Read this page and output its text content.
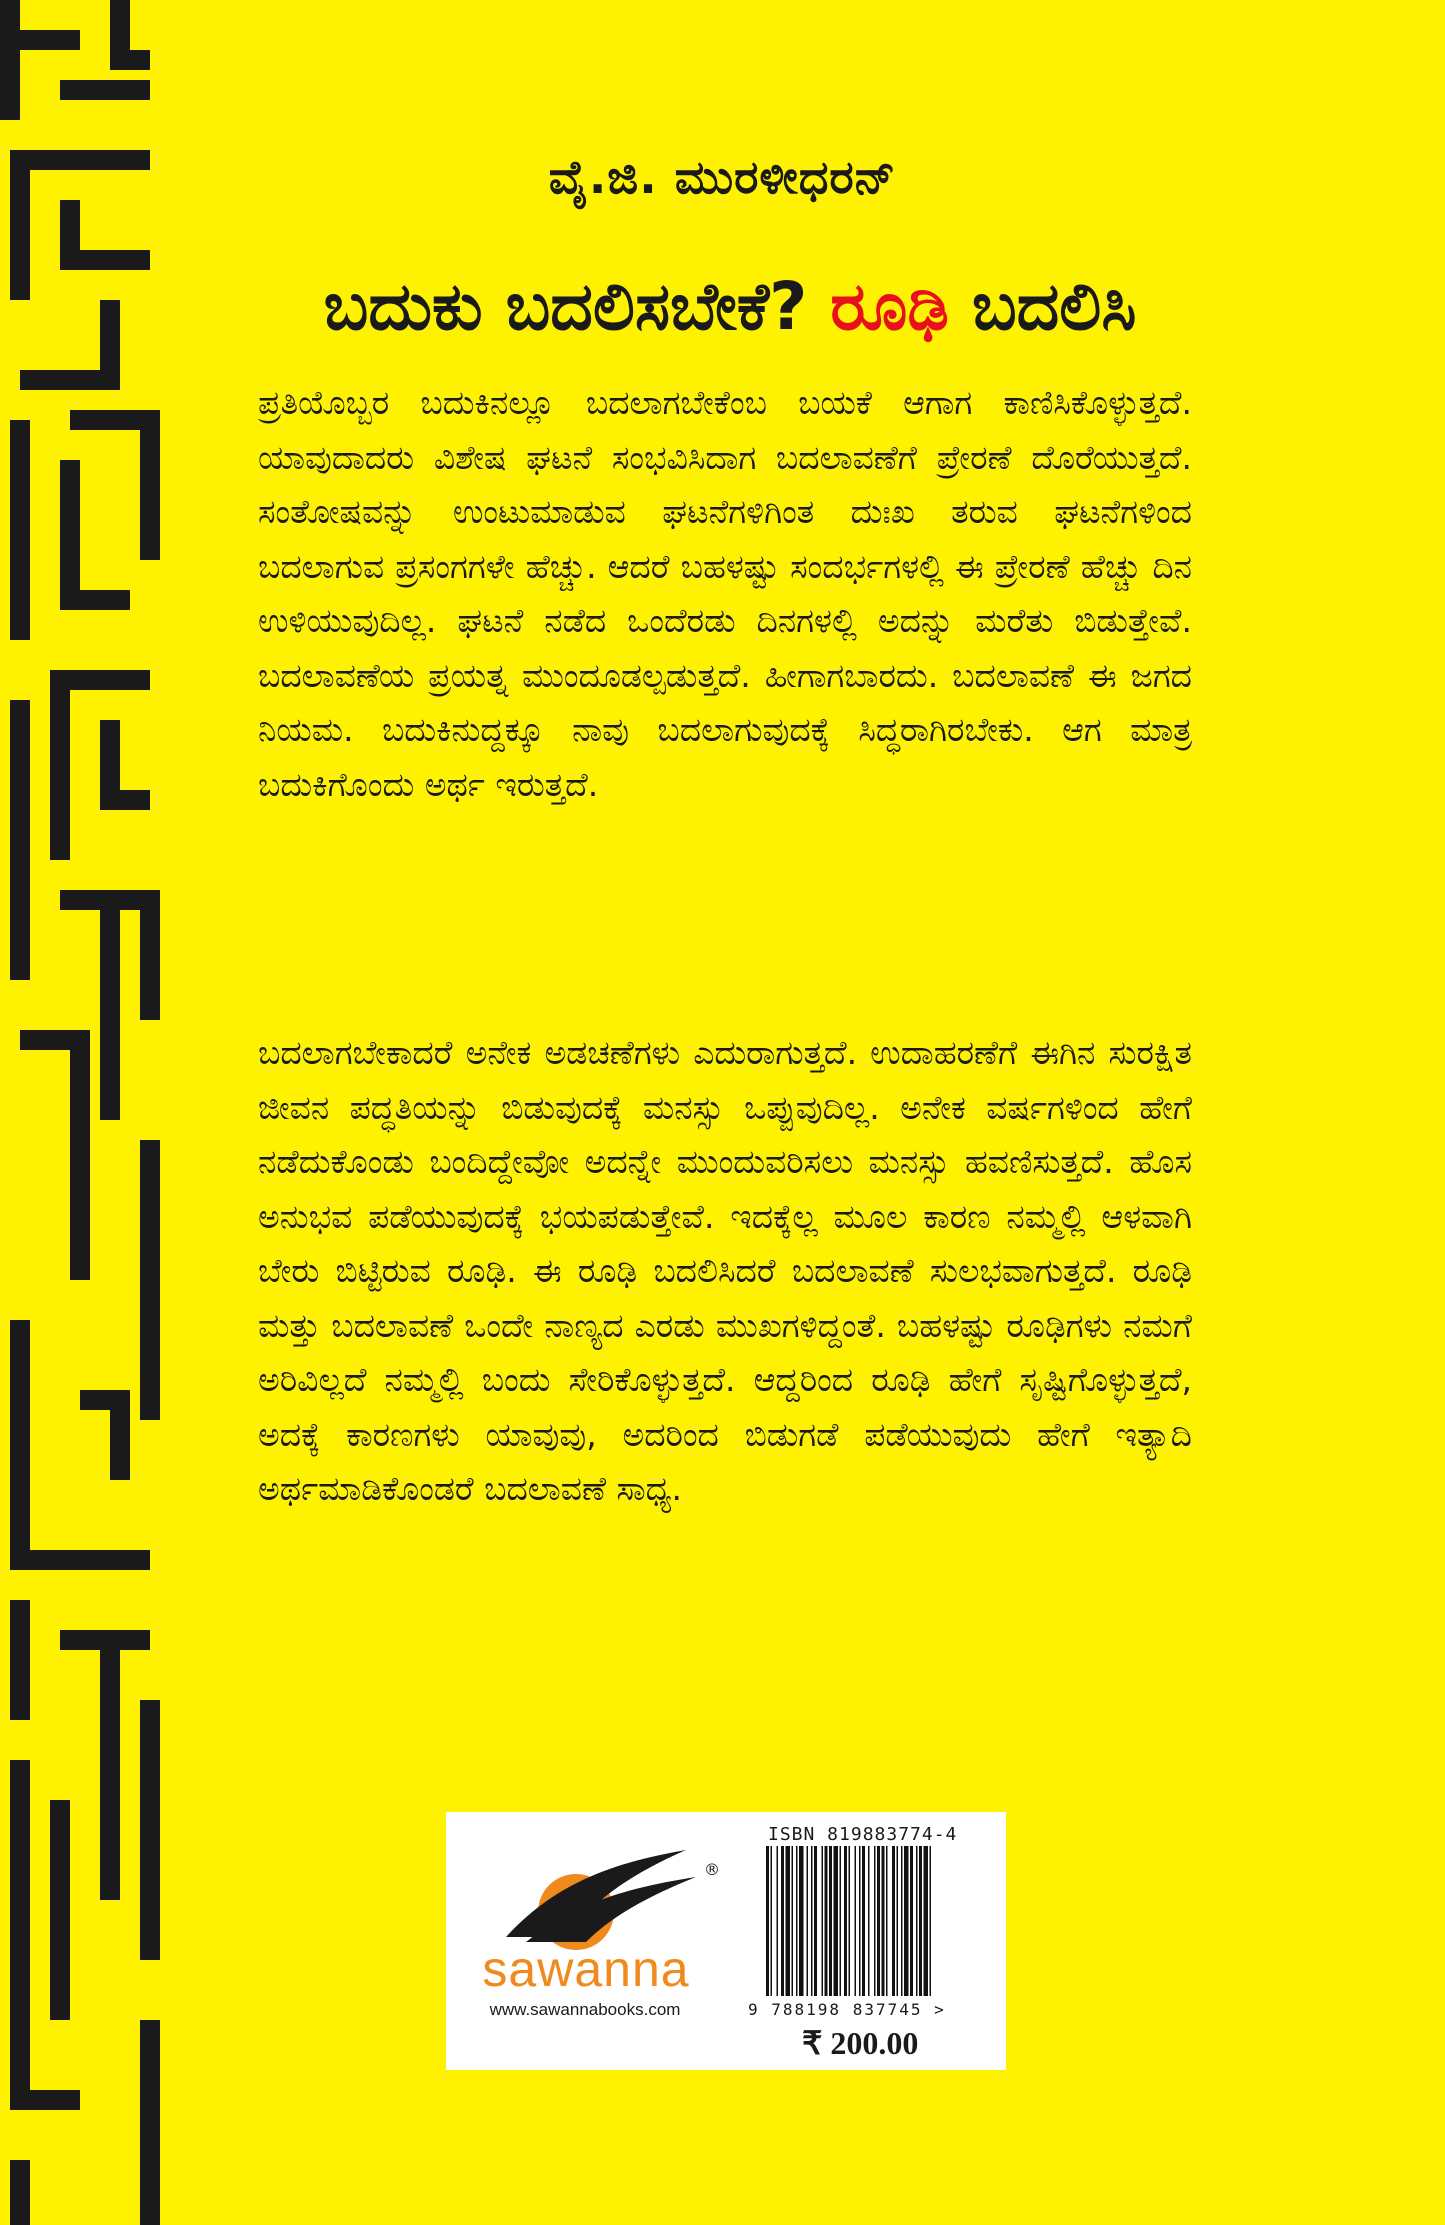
ವೈ.ಜಿ. ಮುರಳೀಧರನ್
ಬದುಕು ಬದಲಿಸಬೇಕೆ? ರೂಢಿ ಬದಲಿಸಿ

ಪ್ರತಿಯೊಬ್ಬರ ಬದುಕಿನಲ್ಲೂ ಬದಲಾಗಬೇಕೆಂಬ ಬಯಕೆ ಆಗಾಗ ಕಾಣಿಸಿಕೊಳ್ಳುತ್ತದೆ. ಯಾವುದಾದರು ವಿಶೇಷ ಘಟನೆ ಸಂಭವಿಸಿದಾಗ ಬದಲಾವಣೆಗೆ ಪ್ರೇರಣೆ ದೊರೆಯುತ್ತದೆ. ಸಂತೋಷವನ್ನು ಉಂಟುಮಾಡುವ ಘಟನೆಗಳಿಗಿಂತ ದುಃಖ ತರುವ ಘಟನೆಗಳಿಂದ ಬದಲಾಗುವ ಪ್ರಸಂಗಗಳೇ ಹೆಚ್ಚು. ಆದರೆ ಬಹಳಷ್ಟು ಸಂದರ್ಭಗಳಲ್ಲಿ ಈ ಪ್ರೇರಣೆ ಹೆಚ್ಚು ದಿನ ಉಳಿಯುವುದಿಲ್ಲ. ಘಟನೆ ನಡೆದ ಒಂದೆರಡು ದಿನಗಳಲ್ಲಿ ಅದನ್ನು ಮರೆತು ಬಿಡುತ್ತೇವೆ. ಬದಲಾವಣೆಯ ಪ್ರಯತ್ನ ಮುಂದೂಡಲ್ಪಡುತ್ತದೆ. ಹೀಗಾಗಬಾರದು. ಬದಲಾವಣೆ ಈ ಜಗದ ನಿಯಮ. ಬದುಕಿನುದ್ದಕ್ಕೂ ನಾವು ಬದಲಾಗುವುದಕ್ಕೆ ಸಿದ್ಧರಾಗಿರಬೇಕು. ಆಗ ಮಾತ್ರ ಬದುಕಿಗೊಂದು ಅರ್ಥ ಇರುತ್ತದೆ.

ಬದಲಾಗಬೇಕಾದರೆ ಅನೇಕ ಅಡಚಣೆಗಳು ಎದುರಾಗುತ್ತದೆ. ಉದಾಹರಣೆಗೆ ಈಗಿನ ಸುರಕ್ಷಿತ ಜೀವನ ಪದ್ಧತಿಯನ್ನು ಬಿಡುವುದಕ್ಕೆ ಮನಸ್ಸು ಒಪ್ಪುವುದಿಲ್ಲ. ಅನೇಕ ವರ್ಷಗಳಿಂದ ಹೇಗೆ ನಡೆದುಕೊಂಡು ಬಂದಿದ್ದೇವೋ ಅದನ್ನೇ ಮುಂದುವರಿಸಲು ಮನಸ್ಸು ಹವಣಿಸುತ್ತದೆ. ಹೊಸ ಅನುಭವ ಪಡೆಯುವುದಕ್ಕೆ ಭಯಪಡುತ್ತೇವೆ. ಇದಕ್ಕೆಲ್ಲ ಮೂಲ ಕಾರಣ ನಮ್ಮಲ್ಲಿ ಆಳವಾಗಿ ಬೇರು ಬಿಟ್ಟಿರುವ ರೂಢಿ. ಈ ರೂಢಿ ಬದಲಿಸಿದರೆ ಬದಲಾವಣೆ ಸುಲಭವಾಗುತ್ತದೆ. ರೂಢಿ ಮತ್ತು ಬದಲಾವಣೆ ಒಂದೇ ನಾಣ್ಯದ ಎರಡು ಮುಖಗಳಿದ್ದಂತೆ. ಬಹಳಷ್ಟು ರೂಢಿಗಳು ನಮಗೆ ಅರಿವಿಲ್ಲದೆ ನಮ್ಮಲ್ಲಿ ಬಂದು ಸೇರಿಕೊಳ್ಳುತ್ತದೆ. ಆದ್ದರಿಂದ ರೂಢಿ ಹೇಗೆ ಸೃಷ್ಟಿಗೊಳ್ಳುತ್ತದೆ, ಅದಕ್ಕೆ ಕಾರಣಗಳು ಯಾವುವು, ಅದರಿಂದ ಬಿಡುಗಡೆ ಪಡೆಯುವುದು ಹೇಗೆ ಇತ್ಯಾದಿ ಅರ್ಥಮಾಡಿಕೊಂಡರೆ ಬದಲಾವಣೆ ಸಾಧ್ಯ.

®
sawanna
www.sawannabooks.com
ISBN 819883774-4
9 788198 837745 >
₹ 200.00
